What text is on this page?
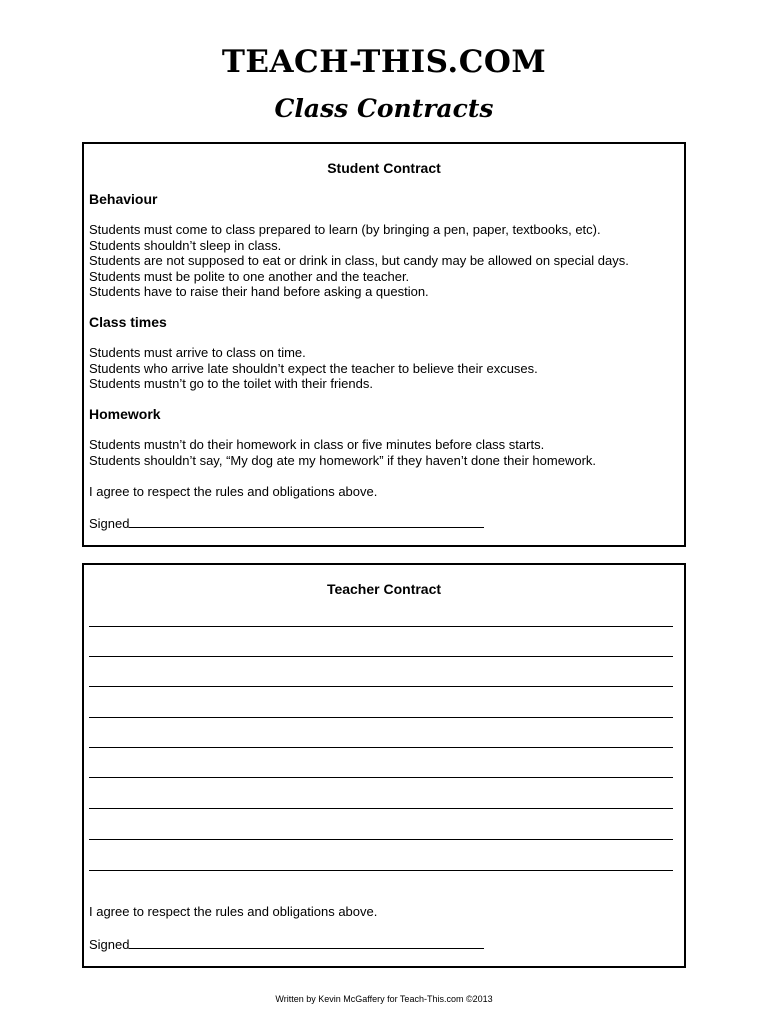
TEACH-THIS.COM
Class Contracts
Student Contract
Behaviour
Students must come to class prepared to learn (by bringing a pen, paper, textbooks, etc).
Students shouldn’t sleep in class.
Students are not supposed to eat or drink in class, but candy may be allowed on special days.
Students must be polite to one another and the teacher.
Students have to raise their hand before asking a question.
Class times
Students must arrive to class on time.
Students who arrive late shouldn’t expect the teacher to believe their excuses.
Students mustn’t go to the toilet with their friends.
Homework
Students mustn’t do their homework in class or five minutes before class starts.
Students shouldn’t say, “My dog ate my homework” if they haven’t done their homework.
I agree to respect the rules and obligations above.
Signed
Teacher Contract
I agree to respect the rules and obligations above.
Signed
Written by Kevin McGaffery for Teach-This.com ©2013
